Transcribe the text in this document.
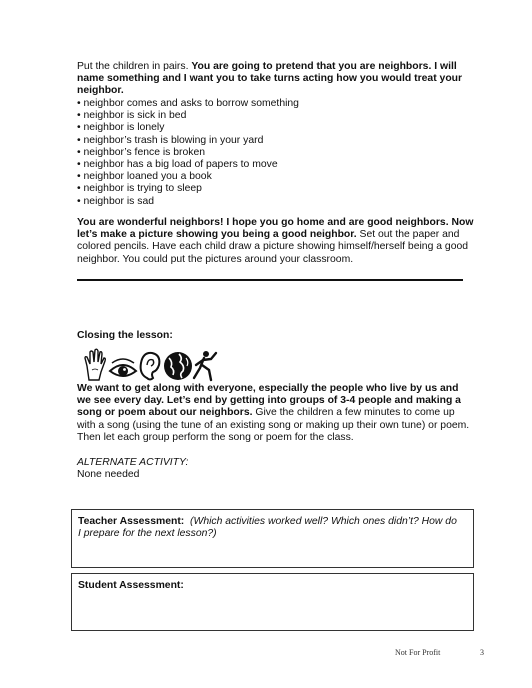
Put the children in pairs. You are going to pretend that you are neighbors. I will name something and I want you to take turns acting how you would treat your neighbor.

• neighbor comes and asks to borrow something
• neighbor is sick in bed
• neighbor is lonely
• neighbor’s trash is blowing in your yard
• neighbor’s fence is broken
• neighbor has a big load of papers to move
• neighbor loaned you a book
• neighbor is trying to sleep
• neighbor is sad

You are wonderful neighbors! I hope you go home and are good neighbors. Now let’s make a picture showing you being a good neighbor. Set out the paper and colored pencils. Have each child draw a picture showing himself/herself being a good neighbor. You could put the pictures around your classroom.

Closing the lesson:

We want to get along with everyone, especially the people who live by us and we see every day. Let’s end by getting into groups of 3-4 people and making a song or poem about our neighbors. Give the children a few minutes to come up with a song (using the tune of an existing song or making up their own tune) or poem. Then let each group perform the song or poem for the class.

ALTERNATE ACTIVITY:
None needed

Teacher Assessment: (Which activities worked well? Which ones didn’t? How do I prepare for the next lesson?)

Student Assessment:

Not For Profit	3
